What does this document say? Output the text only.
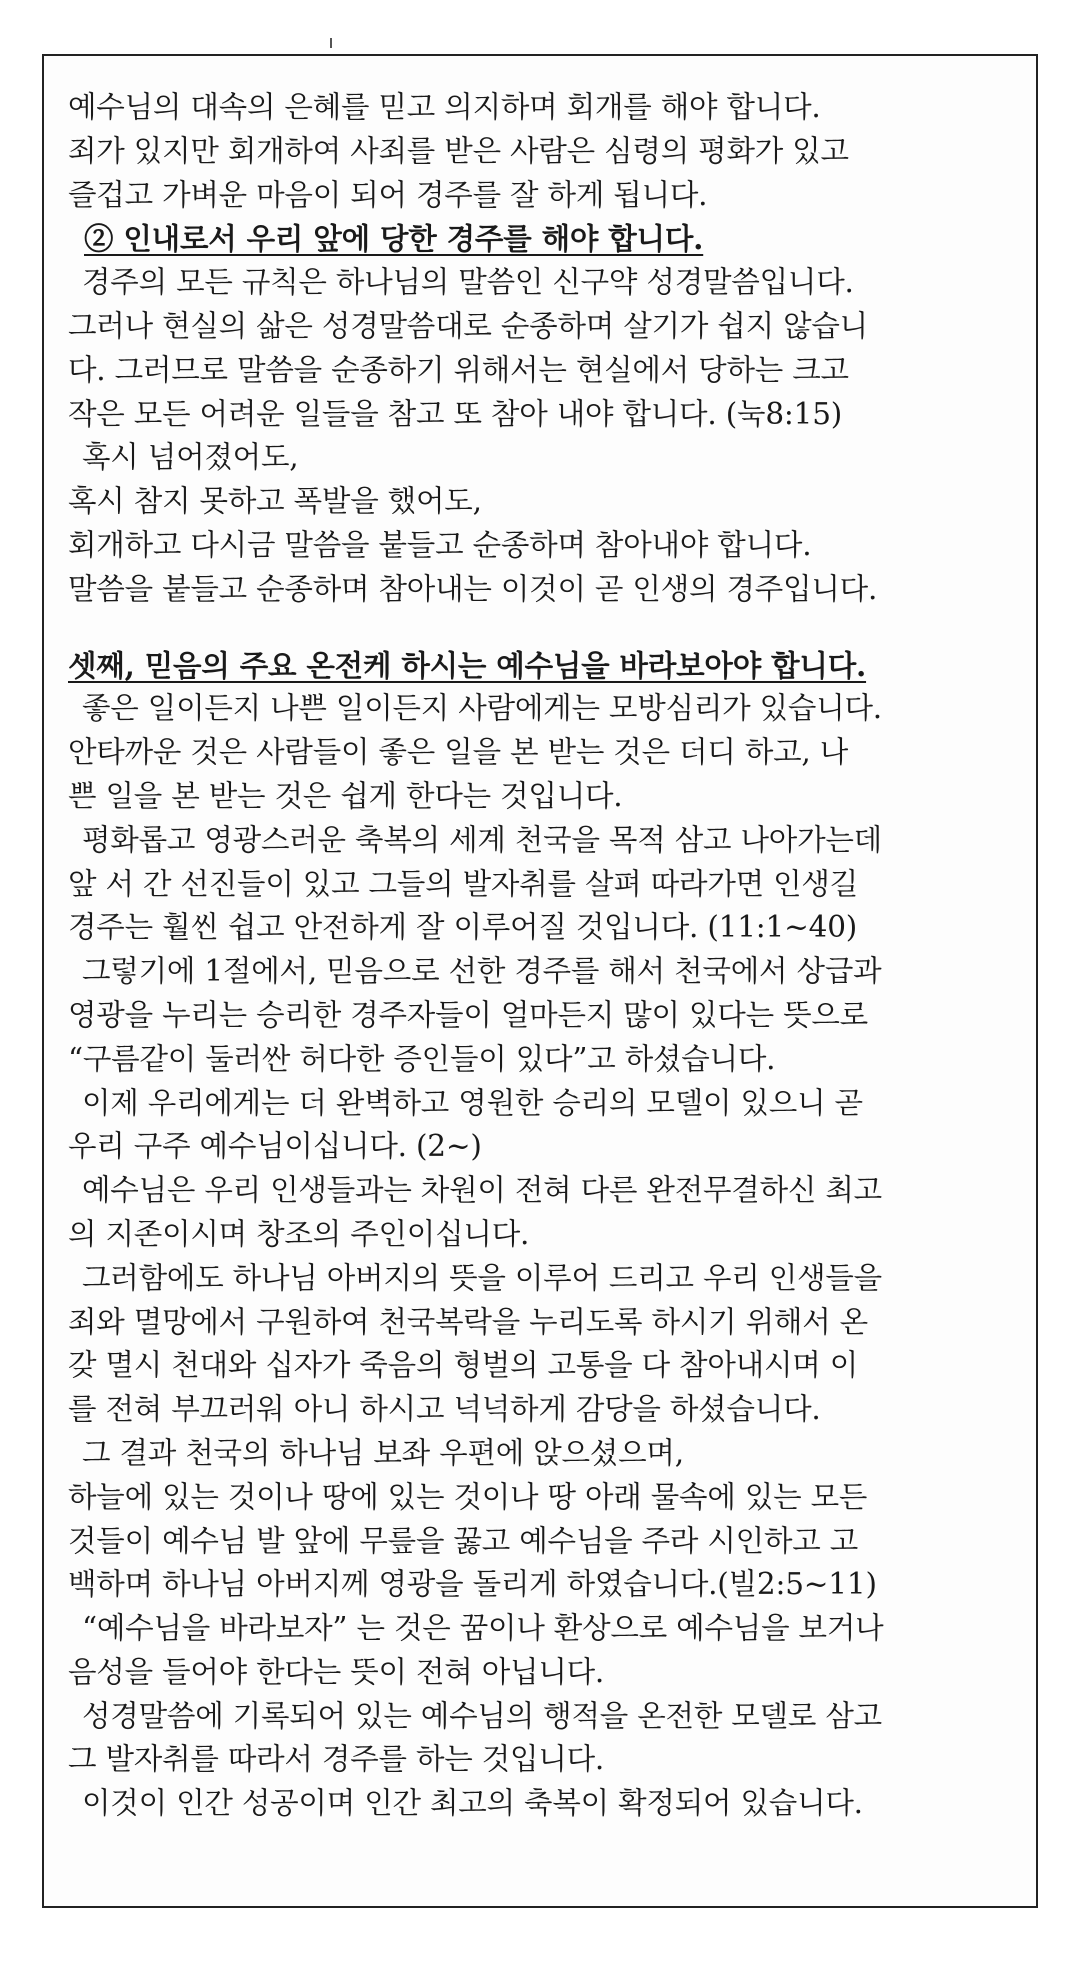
예수님의 대속의 은혜를 믿고 의지하며 회개를 해야 합니다.
죄가 있지만 회개하여 사죄를 받은 사람은 심령의 평화가 있고
즐겁고 가벼운 마음이 되어 경주를 잘 하게 됩니다.
② 인내로서 우리 앞에 당한 경주를 해야 합니다.
경주의 모든 규칙은 하나님의 말씀인 신구약 성경말씀입니다.
그러나 현실의 삶은 성경말씀대로 순종하며 살기가 쉽지 않습니
다. 그러므로 말씀을 순종하기 위해서는 현실에서 당하는 크고
작은 모든 어려운 일들을 참고 또 참아 내야 합니다. (눅8:15)
혹시 넘어졌어도,
혹시 참지 못하고 폭발을 했어도,
회개하고 다시금 말씀을 붙들고 순종하며 참아내야 합니다.
말씀을 붙들고 순종하며 참아내는 이것이 곧 인생의 경주입니다.
셋째, 믿음의 주요 온전케 하시는 예수님을 바라보아야 합니다.
좋은 일이든지 나쁜 일이든지 사람에게는 모방심리가 있습니다.
안타까운 것은 사람들이 좋은 일을 본 받는 것은 더디 하고, 나
쁜 일을 본 받는 것은 쉽게 한다는 것입니다.
평화롭고 영광스러운 축복의 세계 천국을 목적 삼고 나아가는데
앞 서 간 선진들이 있고 그들의 발자취를 살펴 따라가면 인생길
경주는 훨씬 쉽고 안전하게 잘 이루어질 것입니다. (11:1~40)
그렇기에 1절에서, 믿음으로 선한 경주를 해서 천국에서 상급과
영광을 누리는 승리한 경주자들이 얼마든지 많이 있다는 뜻으로
“구름같이 둘러싼 허다한 증인들이 있다”고 하셨습니다.
이제 우리에게는 더 완벽하고 영원한 승리의 모델이 있으니 곧
우리 구주 예수님이십니다. (2~)
예수님은 우리 인생들과는 차원이 전혀 다른 완전무결하신 최고
의 지존이시며 창조의 주인이십니다.
그러함에도 하나님 아버지의 뜻을 이루어 드리고 우리 인생들을
죄와 멸망에서 구원하여 천국복락을 누리도록 하시기 위해서 온
갖 멸시 천대와 십자가 죽음의 형벌의 고통을 다 참아내시며 이
를 전혀 부끄러워 아니 하시고 넉넉하게 감당을 하셨습니다.
그 결과 천국의 하나님 보좌 우편에 앉으셨으며,
하늘에 있는 것이나 땅에 있는 것이나 땅 아래 물속에 있는 모든
것들이 예수님 발 앞에 무릎을 꿇고 예수님을 주라 시인하고 고
백하며 하나님 아버지께 영광을 돌리게 하였습니다.(빌2:5~11)
“예수님을 바라보자” 는 것은 꿈이나 환상으로 예수님을 보거나
음성을 들어야 한다는 뜻이 전혀 아닙니다.
성경말씀에 기록되어 있는 예수님의 행적을 온전한 모델로 삼고
그 발자취를 따라서 경주를 하는 것입니다.
이것이 인간 성공이며 인간 최고의 축복이 확정되어 있습니다.
